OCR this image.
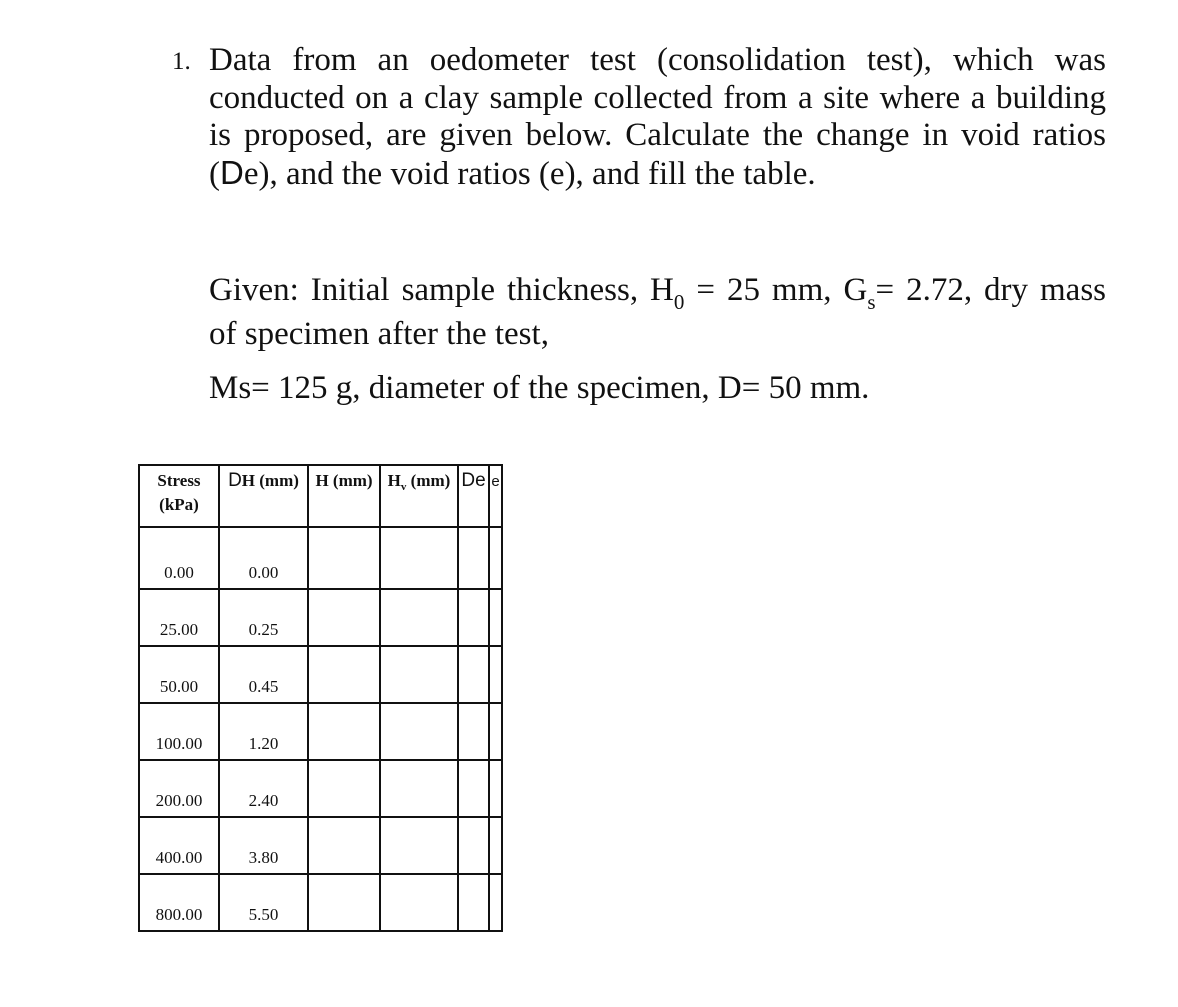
1. Data from an oedometer test (consolidation test), which was
conducted on a clay sample collected from a site where a building
is proposed, are given below. Calculate the change in void ratios
(De), and the void ratios (e), and fill the table.
Given: Initial sample thickness, $H_0 = 25$ mm, $G_s= 2.72$, dry mass
of specimen after the test,
Ms= 125 g, diameter of the specimen, D= 50 mm.
Stress
(kPa)	DH (mm)	H (mm)	$H_v$ (mm)	De	e
0.00	0.00				
25.00	0.25				
50.00	0.45				
100.00	1.20				
200.00	2.40				
400.00	3.80				
800.00	5.50				
